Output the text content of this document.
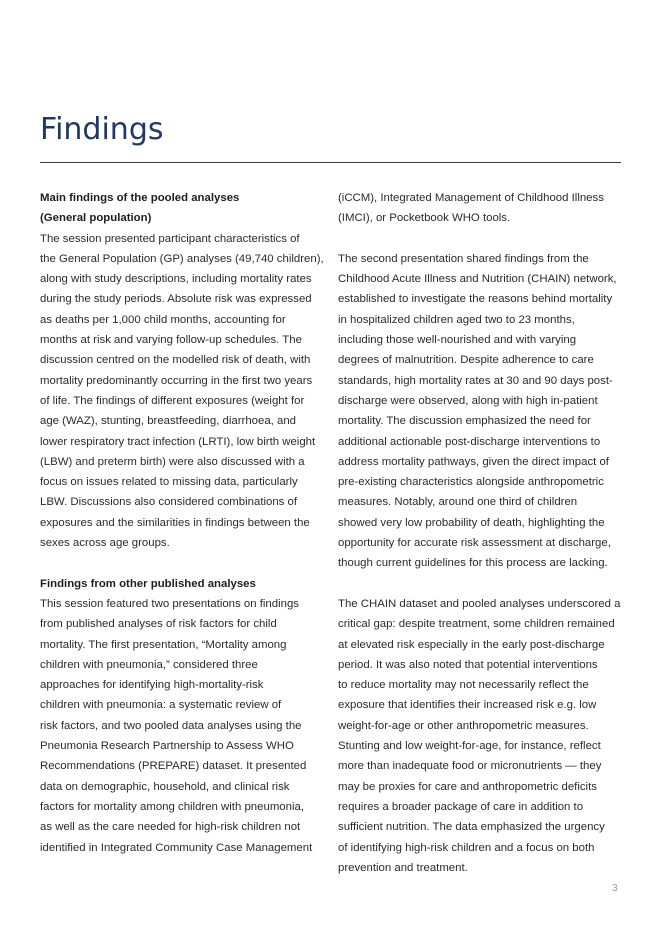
Findings

Main findings of the pooled analyses

(General population)

The session presented participant characteristics of

the General Population (GP) analyses (49,740 children),

along with study descriptions, including mortality rates

during the study periods. Absolute risk was expressed

as deaths per 1,000 child months, accounting for

months at risk and varying follow-up schedules. The

discussion centred on the modelled risk of death, with

mortality predominantly occurring in the first two years

of life. The findings of different exposures (weight for

age (WAZ), stunting, breastfeeding, diarrhoea, and

lower respiratory tract infection (LRTI), low birth weight

(LBW) and preterm birth) were also discussed with a

focus on issues related to missing data, particularly

LBW. Discussions also considered combinations of

exposures and the similarities in findings between the

sexes across age groups.

Findings from other published analyses

This session featured two presentations on findings

from published analyses of risk factors for child

mortality. The first presentation, “Mortality among

children with pneumonia,” considered three

approaches for identifying high-mortality-risk

children with pneumonia: a systematic review of

risk factors, and two pooled data analyses using the

Pneumonia Research Partnership to Assess WHO

Recommendations (PREPARE) dataset. It presented

data on demographic, household, and clinical risk

factors for mortality among children with pneumonia,

as well as the care needed for high-risk children not

identified in Integrated Community Case Management

(iCCM), Integrated Management of Childhood Illness

(IMCI), or Pocketbook WHO tools.

The second presentation shared findings from the

Childhood Acute Illness and Nutrition (CHAIN) network,

established to investigate the reasons behind mortality

in hospitalized children aged two to 23 months,

including those well-nourished and with varying

degrees of malnutrition. Despite adherence to care

standards, high mortality rates at 30 and 90 days post-

discharge were observed, along with high in-patient

mortality. The discussion emphasized the need for

additional actionable post-discharge interventions to

address mortality pathways, given the direct impact of

pre-existing characteristics alongside anthropometric

measures. Notably, around one third of children

showed very low probability of death, highlighting the

opportunity for accurate risk assessment at discharge,

though current guidelines for this process are lacking.

The CHAIN dataset and pooled analyses underscored a

critical gap: despite treatment, some children remained

at elevated risk especially in the early post-discharge

period. It was also noted that potential interventions

to reduce mortality may not necessarily reflect the

exposure that identifies their increased risk e.g. low

weight-for-age or other anthropometric measures.

Stunting and low weight-for-age, for instance, reflect

more than inadequate food or micronutrients — they

may be proxies for care and anthropometric deficits

requires a broader package of care in addition to

sufficient nutrition. The data emphasized the urgency

of identifying high-risk children and a focus on both

prevention and treatment.

3
